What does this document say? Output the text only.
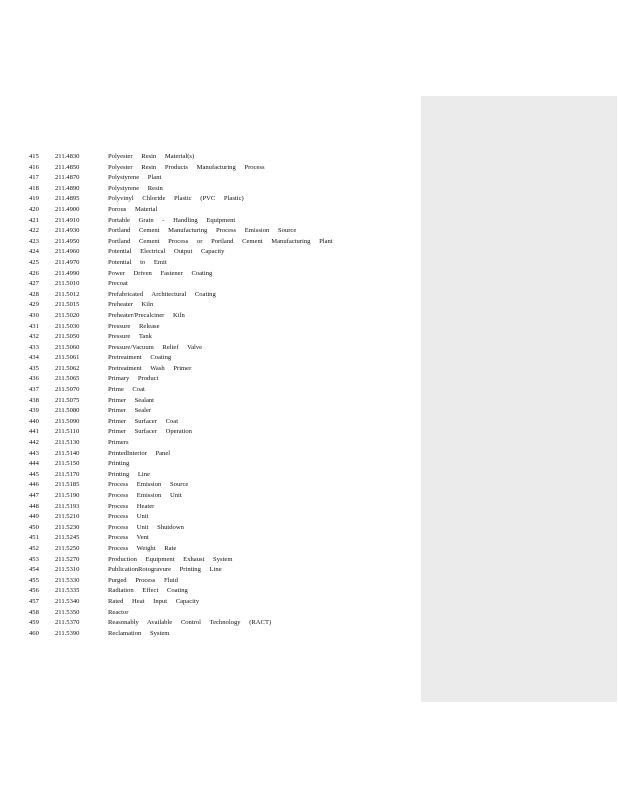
415 211.4830	Polyester Resin Material(s)
416 211.4850	Polyester Resin Products Manufacturing Process
417 211.4870	Polystyrene Plant
418 211.4890	Polystyrene Resin
419 211.4895	Polyvinyl Chloride Plastic (PVC Plastic)
420 211.4900	Porous Material
421 211.4910	Portable Grain - Handling Equipment
422 211.4930	Portland Cement Manufacturing Process Emission Source
423 211.4950	Portland Cement Process or Portland Cement Manufacturing Plant
424 211.4960	Potential Electrical Output Capacity
425 211.4970	Potential to Emit
426 211.4990	Power Driven Fastener Coating
427 211.5010	Precoat
428 211.5012	Prefabricated Architectural Coating
429 211.5015	Preheater Kiln
430 211.5020	Preheater/Precalciner Kiln
431 211.5030	Pressure Release
432 211.5050	Pressure Tank
433 211.5060	Pressure/Vacuum Relief Valve
434 211.5061	Pretreatment Coating
435 211.5062	Pretreatment Wash Primer
436 211.5065	Primary Product
437 211.5070	Prime Coat
438 211.5075	Primer Sealant
439 211.5080	Primer Sealer
440 211.5090	Primer Surfacer Coat
441 211.5110	Primer Surfacer Operation
442 211.5130	Primers
443 211.5140	PrintedInterior Panel
444 211.5150	Printing
445 211.5170	Printing Line
446 211.5185	Process Emission Source
447 211.5190	Process Emission Unit
448 211.5193	Process Heater
449 211.5210	Process Unit
450 211.5230	Process Unit Shutdown
451 211.5245	Process Vent
452 211.5250	Process Weight Rate
453 211.5270	Production Equipment Exhaust System
454 211.5310	PublicationRotogravure Printing Line
455 211.5330	Purged Process Fluid
456 211.5335	Radiation Effect Coating
457 211.5340	Rated Heat Input Capacity
458 211.5350	Reactor
459 211.5370	Reasonably Available Control Technology (RACT)
460 211.5390	Reclamation System
